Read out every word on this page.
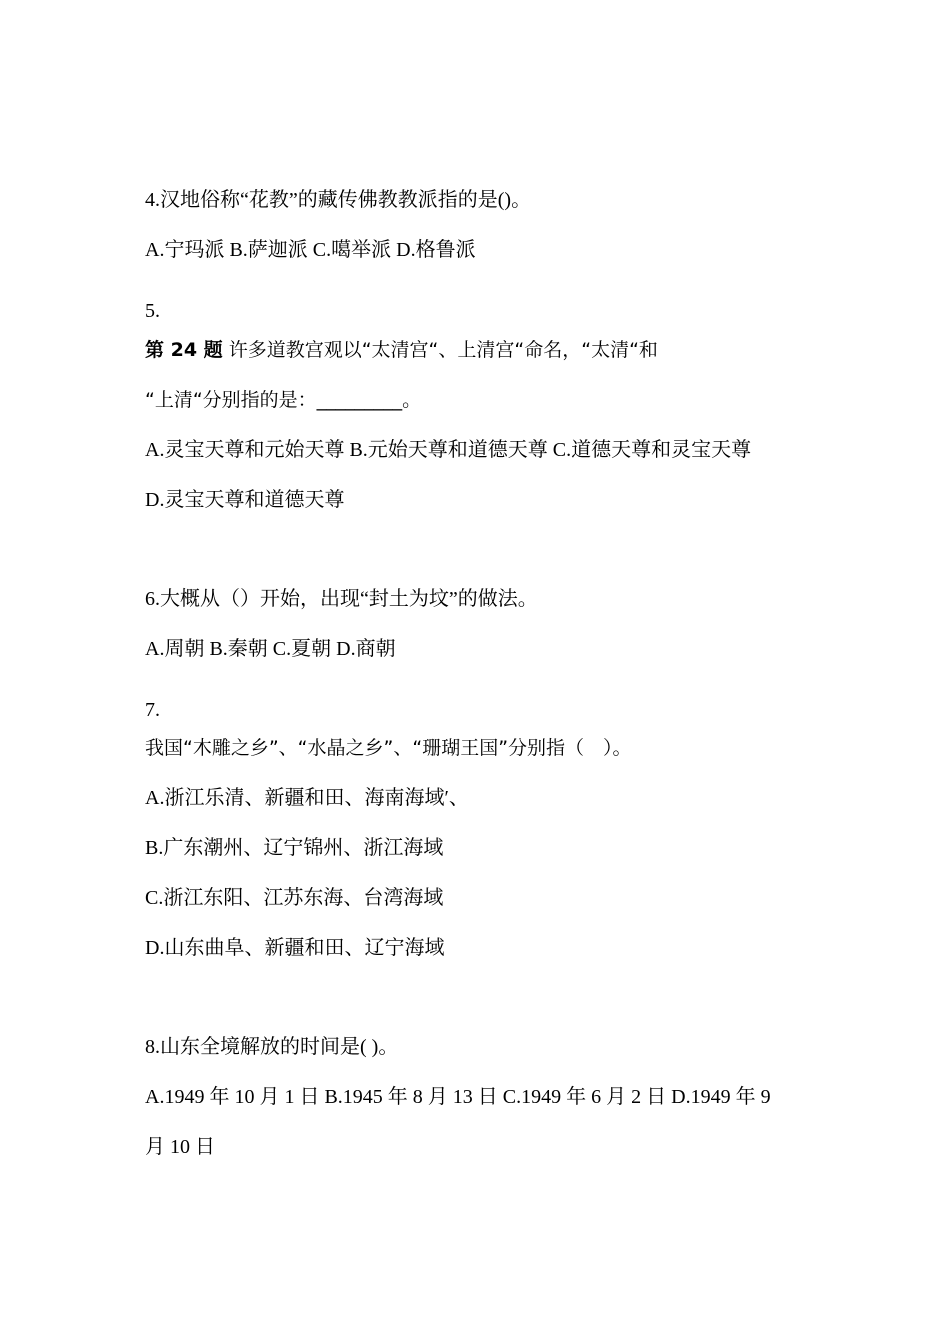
4.汉地俗称“花教”的藏传佛教教派指的是()。
A.宁玛派 B.萨迦派 C.噶举派 D.格鲁派
5.
第 24 题 许多道教宫观以“太清宫“、上清宫“命名，“太清“和
“上清“分别指的是：_________。
A.灵宝天尊和元始天尊 B.元始天尊和道德天尊 C.道德天尊和灵宝天尊
D.灵宝天尊和道德天尊
6.大概从（）开始，出现“封土为坟”的做法。
A.周朝 B.秦朝 C.夏朝 D.商朝
7.
我国“木雕之乡”、“水晶之乡”、“珊瑚王国”分别指（　）。
A.浙江乐清、新疆和田、海南海域′、
B.广东潮州、辽宁锦州、浙江海域
C.浙江东阳、江苏东海、台湾海域
D.山东曲阜、新疆和田、辽宁海域
8.山东全境解放的时间是( )。
A.1949 年 10 月 1 日 B.1945 年 8 月 13 日 C.1949 年 6 月 2 日 D.1949 年 9
月 10 日
